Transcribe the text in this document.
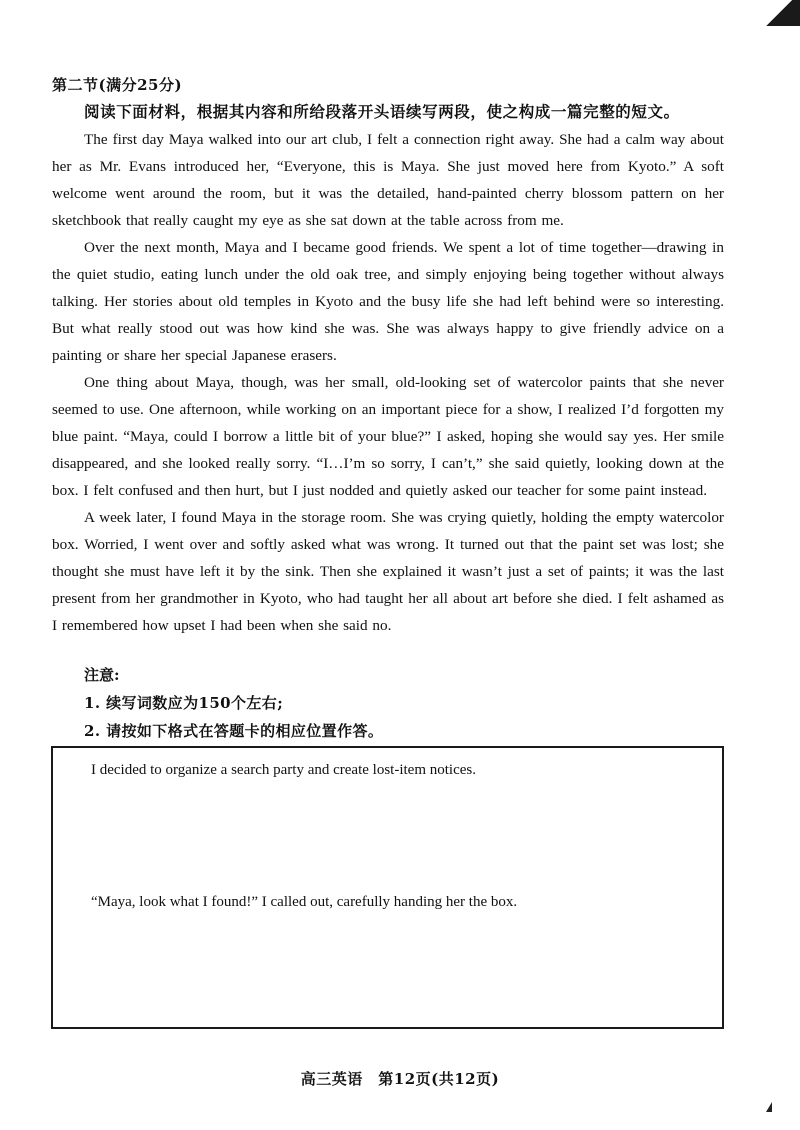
第二节(满分25分)
阅读下面材料，根据其内容和所给段落开头语续写两段，使之构成一篇完整的短文。

The first day Maya walked into our art club, I felt a connection right away. She had a calm way about her as Mr. Evans introduced her, “Everyone, this is Maya. She just moved here from Kyoto.” A soft welcome went around the room, but it was the detailed, hand-painted cherry blossom pattern on her sketchbook that really caught my eye as she sat down at the table across from me.

Over the next month, Maya and I became good friends. We spent a lot of time together—drawing in the quiet studio, eating lunch under the old oak tree, and simply enjoying being together without always talking. Her stories about old temples in Kyoto and the busy life she had left behind were so interesting. But what really stood out was how kind she was. She was always happy to give friendly advice on a painting or share her special Japanese erasers.

One thing about Maya, though, was her small, old-looking set of watercolor paints that she never seemed to use. One afternoon, while working on an important piece for a show, I realized I’d forgotten my blue paint. “Maya, could I borrow a little bit of your blue?” I asked, hoping she would say yes. Her smile disappeared, and she looked really sorry. “I…I’m so sorry, I can’t,” she said quietly, looking down at the box. I felt confused and then hurt, but I just nodded and quietly asked our teacher for some paint instead.

A week later, I found Maya in the storage room. She was crying quietly, holding the empty watercolor box. Worried, I went over and softly asked what was wrong. It turned out that the paint set was lost; she thought she must have left it by the sink. Then she explained it wasn’t just a set of paints; it was the last present from her grandmother in Kyoto, who had taught her all about art before she died. I felt ashamed as I remembered how upset I had been when she said no.

注意:
1. 续写词数应为150个左右;
2. 请按如下格式在答题卡的相应位置作答。
I decided to organize a search party and create lost-item notices.
“Maya, look what I found!” I called out, carefully handing her the box.
高三英语　第12页(共12页)
